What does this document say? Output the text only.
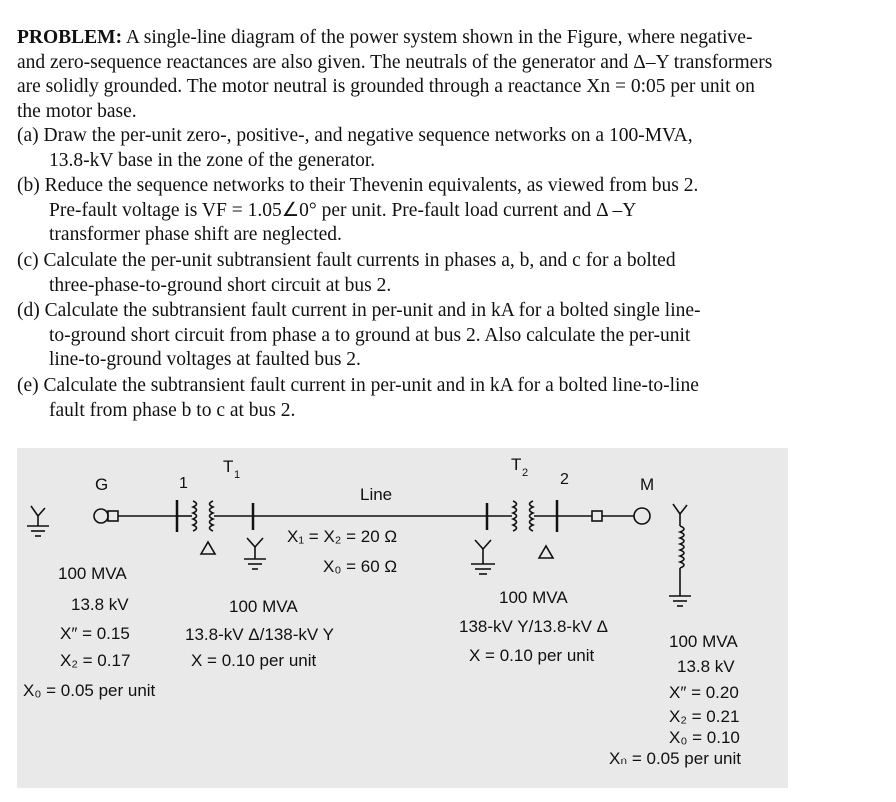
PROBLEM: A single-line diagram of the power system shown in the Figure, where negative- and zero-sequence reactances are also given. The neutrals of the generator and Δ–Y transformers are solidly grounded. The motor neutral is grounded through a reactance Xn = 0:05 per unit on the motor base.
(a) Draw the per-unit zero-, positive-, and negative sequence networks on a 100-MVA,
13.8-kV base in the zone of the generator.
(b) Reduce the sequence networks to their Thevenin equivalents, as viewed from bus 2.
Pre-fault voltage is VF = 1.05∠0° per unit. Pre-fault load current and Δ –Y
transformer phase shift are neglected.
(c) Calculate the per-unit subtransient fault currents in phases a, b, and c for a bolted
three-phase-to-ground short circuit at bus 2.
(d) Calculate the subtransient fault current in per-unit and in kA for a bolted single line-
to-ground short circuit from phase a to ground at bus 2. Also calculate the per-unit
line-to-ground voltages at faulted bus 2.
(e) Calculate the subtransient fault current in per-unit and in kA for a bolted line-to-line
fault from phase b to c at bus 2.
G	1
T 1
Line
T 2 2	M
X₁ = X₂ = 20 Ω
X₀ = 60 Ω
100 MVA
13.8 kV
X″ = 0.15
X₂ = 0.17
X₀ = 0.05 per unit
100 MVA
13.8-kV Δ/138-kV Y
X = 0.10 per unit
100 MVA
138-kV Y/13.8-kV Δ
X = 0.10 per unit
100 MVA
13.8 kV
X″ = 0.20
X₂ = 0.21
X₀ = 0.10
Xₙ = 0.05 per unit
